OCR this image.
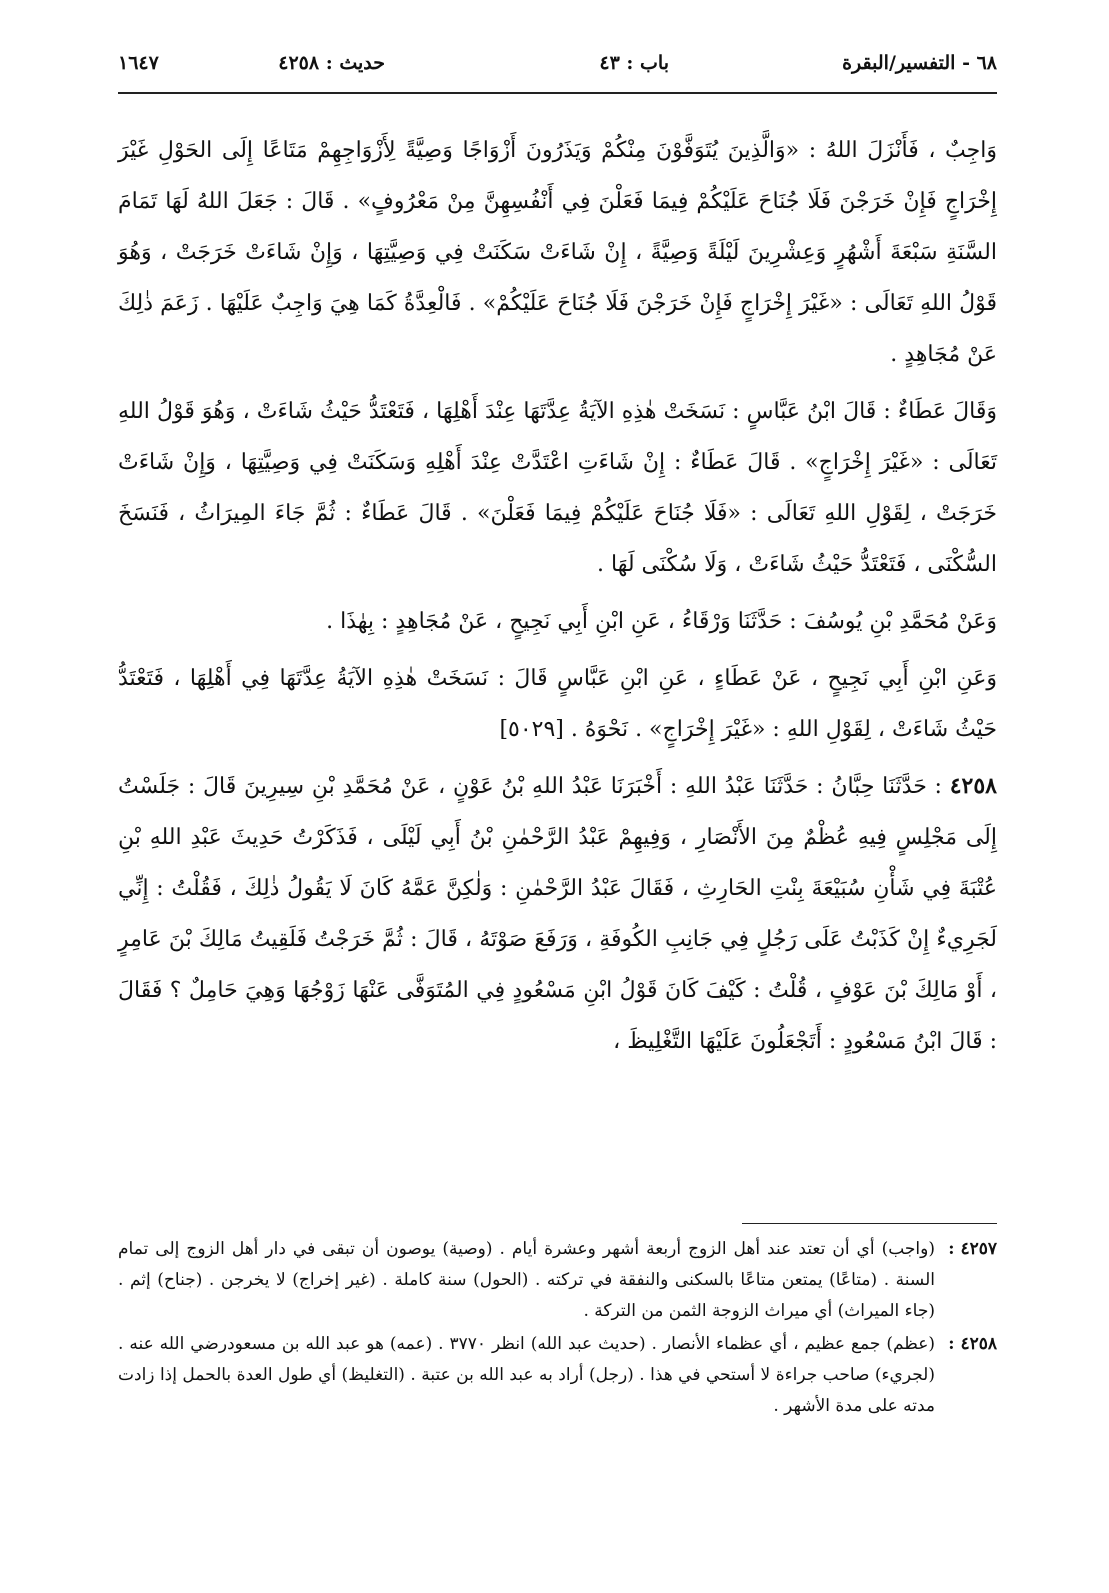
٦٨ - التفسير/البقرة
باب : ٤٣
حديث : ٤٢٥٨
١٦٤٧

وَاجِبٌ ، فَأَنْزَلَ اللهُ : «وَالَّذِينَ يُتَوَفَّوْنَ مِنْكُمْ وَيَذَرُونَ أَزْوَاجًا وَصِيَّةً لِأَزْوَاجِهِمْ مَتَاعًا إِلَى الحَوْلِ غَيْرَ إِخْرَاجٍ فَإِنْ خَرَجْنَ فَلَا جُنَاحَ عَلَيْكُمْ فِيمَا فَعَلْنَ فِي أَنْفُسِهِنَّ مِنْ مَعْرُوفٍ» . قَالَ : جَعَلَ اللهُ لَهَا تَمَامَ السَّنَةِ سَبْعَةَ أَشْهُرٍ وَعِشْرِينَ لَيْلَةً وَصِيَّةً ، إِنْ شَاءَتْ سَكَنَتْ فِي وَصِيَّتِهَا ، وَإِنْ شَاءَتْ خَرَجَتْ ، وَهُوَ قَوْلُ اللهِ تَعَالَى : «غَيْرَ إِخْرَاجٍ فَإِنْ خَرَجْنَ فَلَا جُنَاحَ عَلَيْكُمْ» . فَالْعِدَّةُ كَمَا هِيَ وَاجِبٌ عَلَيْهَا . زَعَمَ ذٰلِكَ عَنْ مُجَاهِدٍ .

وَقَالَ عَطَاءٌ : قَالَ ابْنُ عَبَّاسٍ : نَسَخَتْ هٰذِهِ الآيَةُ عِدَّتَهَا عِنْدَ أَهْلِهَا ، فَتَعْتَدُّ حَيْثُ شَاءَتْ ، وَهُوَ قَوْلُ اللهِ تَعَالَى : «غَيْرَ إِخْرَاجٍ» . قَالَ عَطَاءٌ : إِنْ شَاءَتِ اعْتَدَّتْ عِنْدَ أَهْلِهِ وَسَكَنَتْ فِي وَصِيَّتِهَا ، وَإِنْ شَاءَتْ خَرَجَتْ ، لِقَوْلِ اللهِ تَعَالَى : «فَلَا جُنَاحَ عَلَيْكُمْ فِيمَا فَعَلْنَ» . قَالَ عَطَاءٌ : ثُمَّ جَاءَ المِيرَاثُ ، فَنَسَخَ السُّكْنَى ، فَتَعْتَدُّ حَيْثُ شَاءَتْ ، وَلَا سُكْنَى لَهَا .

وَعَنْ مُحَمَّدِ بْنِ يُوسُفَ : حَدَّثَنَا وَرْقَاءُ ، عَنِ ابْنِ أَبِي نَجِيحٍ ، عَنْ مُجَاهِدٍ : بِهٰذَا .

وَعَنِ ابْنِ أَبِي نَجِيحٍ ، عَنْ عَطَاءٍ ، عَنِ ابْنِ عَبَّاسٍ قَالَ : نَسَخَتْ هٰذِهِ الآيَةُ عِدَّتَهَا فِي أَهْلِهَا ، فَتَعْتَدُّ حَيْثُ شَاءَتْ ، لِقَوْلِ اللهِ : «غَيْرَ إِخْرَاجٍ» . نَحْوَهُ . [٥٠٢٩]

٤٢٥٨ : حَدَّثَنَا حِبَّانُ : حَدَّثَنَا عَبْدُ اللهِ : أَخْبَرَنَا عَبْدُ اللهِ بْنُ عَوْنٍ ، عَنْ مُحَمَّدِ بْنِ سِيرِينَ قَالَ : جَلَسْتُ إِلَى مَجْلِسٍ فِيهِ عُظْمٌ مِنَ الأَنْصَارِ ، وَفِيهِمْ عَبْدُ الرَّحْمٰنِ بْنُ أَبِي لَيْلَى ، فَذَكَرْتُ حَدِيثَ عَبْدِ اللهِ بْنِ عُتْبَةَ فِي شَأْنِ سُبَيْعَةَ بِنْتِ الحَارِثِ ، فَقَالَ عَبْدُ الرَّحْمٰنِ : وَلٰكِنَّ عَمَّهُ كَانَ لَا يَقُولُ ذٰلِكَ ، فَقُلْتُ : إِنِّي لَجَرِيءٌ إِنْ كَذَبْتُ عَلَى رَجُلٍ فِي جَانِبِ الكُوفَةِ ، وَرَفَعَ صَوْتَهُ ، قَالَ : ثُمَّ خَرَجْتُ فَلَقِيتُ مَالِكَ بْنَ عَامِرٍ ، أَوْ مَالِكَ بْنَ عَوْفٍ ، قُلْتُ : كَيْفَ كَانَ قَوْلُ ابْنِ مَسْعُودٍ فِي المُتَوَفَّى عَنْهَا زَوْجُهَا وَهِيَ حَامِلٌ ؟ فَقَالَ : قَالَ ابْنُ مَسْعُودٍ : أَتَجْعَلُونَ عَلَيْهَا التَّغْلِيظَ ،

٤٢٥٧ :
(واجب) أي أن تعتد عند أهل الزوج أربعة أشهر وعشرة أيام . (وصية) يوصون أن تبقى في دار أهل الزوج إلى تمام السنة . (متاعًا) يمتعن متاعًا بالسكنى والنفقة في تركته . (الحول) سنة كاملة . (غير إخراج) لا يخرجن . (جناح) إثم . (جاء الميراث) أي ميراث الزوجة الثمن من التركة .

٤٢٥٨ :
(عظم) جمع عظيم ، أي عظماء الأنصار . (حديث عبد الله) انظر ٣٧٧٠ . (عمه) هو عبد الله بن مسعودرضي الله عنه . (لجريء) صاحب جراءة لا أستحي في هذا . (رجل) أراد به عبد الله بن عتبة . (التغليظ) أي طول العدة بالحمل إذا زادت مدته على مدة الأشهر .
